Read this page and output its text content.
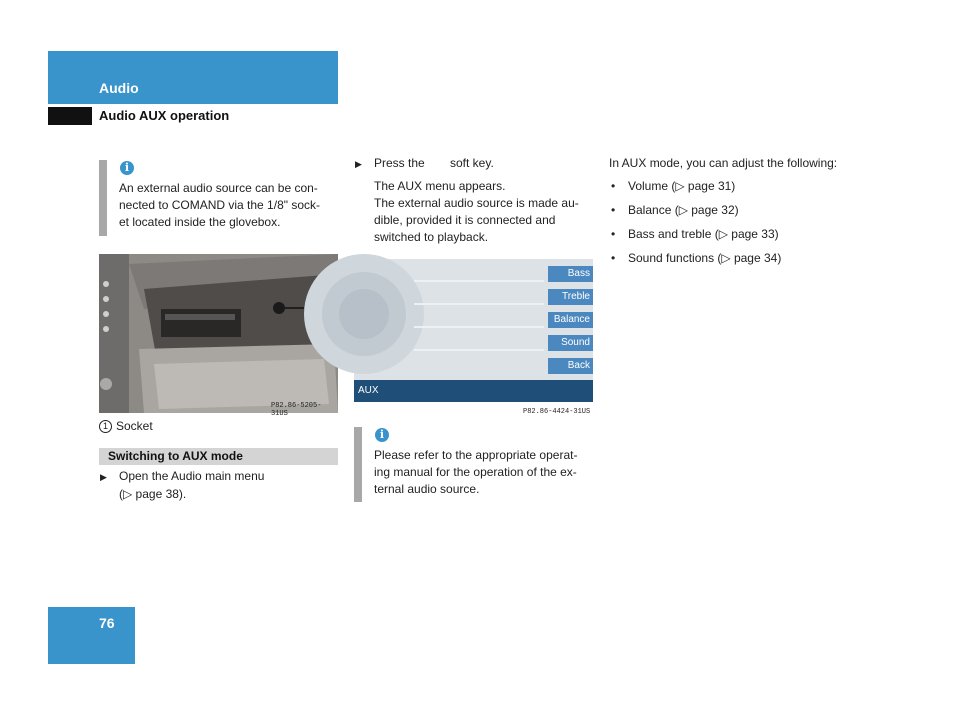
Audio
Audio AUX operation
i
An external audio source can be con-
nected to COMAND via the 1/8" sock-
et located inside the glovebox.
P82.86-5205-31US
1 Socket
Switching to AUX mode
▶ Open the Audio main menu
(▷ page 38).
▶ Press the soft key.
The AUX menu appears.
The external audio source is made au-
dible, provided it is connected and
switched to playback.
Bass
Treble
Balance
Sound
Back
AUX
P82.86-4424-31US
i
Please refer to the appropriate operat-
ing manual for the operation of the ex-
ternal audio source.
In AUX mode, you can adjust the following:
• Volume (▷ page 31)
• Balance (▷ page 32)
• Bass and treble (▷ page 33)
• Sound functions (▷ page 34)
76
